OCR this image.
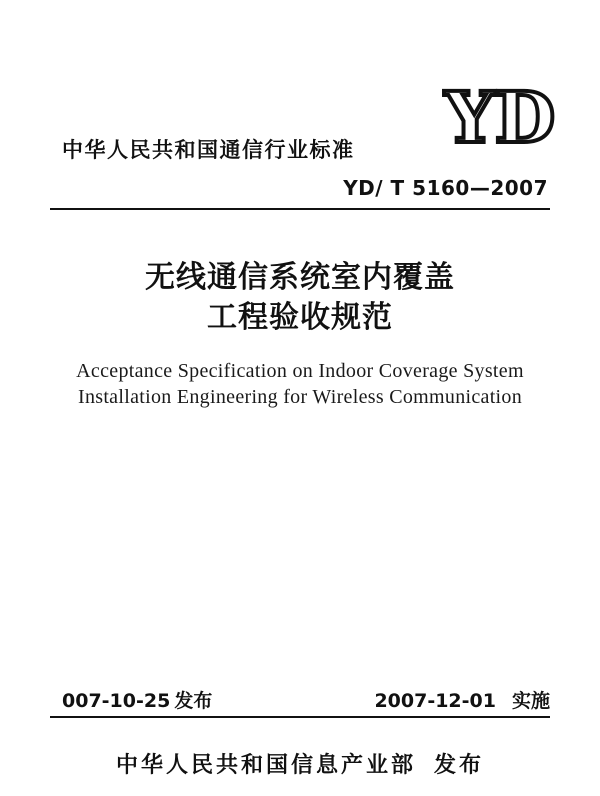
YD
中华人民共和国通信行业标准
YD/ T 5160—2007
无线通信系统室内覆盖
工程验收规范
Acceptance Specification on Indoor Coverage System
Installation Engineering for Wireless Communication
007-10-25 发布	2007-12-01 实施
中华人民共和国信息产业部 发布
